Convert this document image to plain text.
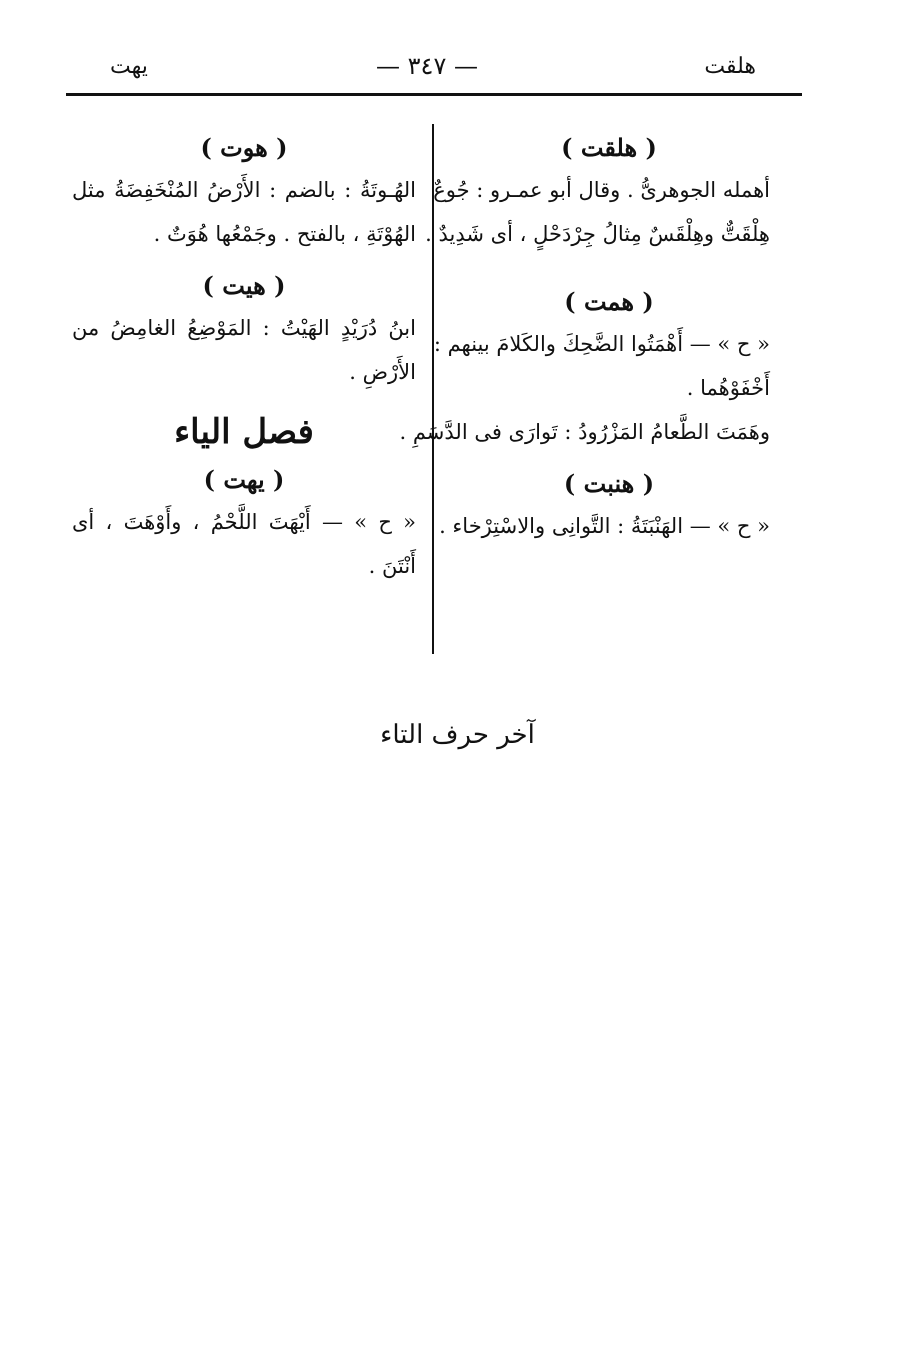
هلقت
— ٣٤٧ —
يهت
( هلقت )
أهمله الجوهرىُّ . وقال أبو عمـرو : جُوعٌ
هِلْقَتٌّ وهِلْقَسٌ مِثالُ جِرْدَحْلٍ ، أى شَدِيدٌ .
( همت )
« ح » — أَهْمَتُوا الضَّحِكَ والكَلامَ بينهم :
أَخْفَوْهُما .
وهَمَتَ الطَّعامُ المَزْرُودُ : تَوارَى فى الدَّسَمِ .
( هنبت )
« ح » — الهَنْبَتَةُ : التَّوانِى والاسْتِرْخاء .
( هوت )
الهُـوتَةُ : بالضم : الأَرْضُ المُنْخَفِضَةُ مثل
الهُوْتَةِ ، بالفتح . وجَمْعُها هُوَتٌ .
( هيت )
ابنُ دُرَيْدٍ الهَيْتُ : المَوْضِعُ الغامِضُ من
الأَرْضِ .
فصل الياء
( يهت )
« ح » — أَيْهَتَ اللَّحْمُ ، وأَوْهَتَ ، أى
أَنْتَنَ .
آخر حرف التاء
